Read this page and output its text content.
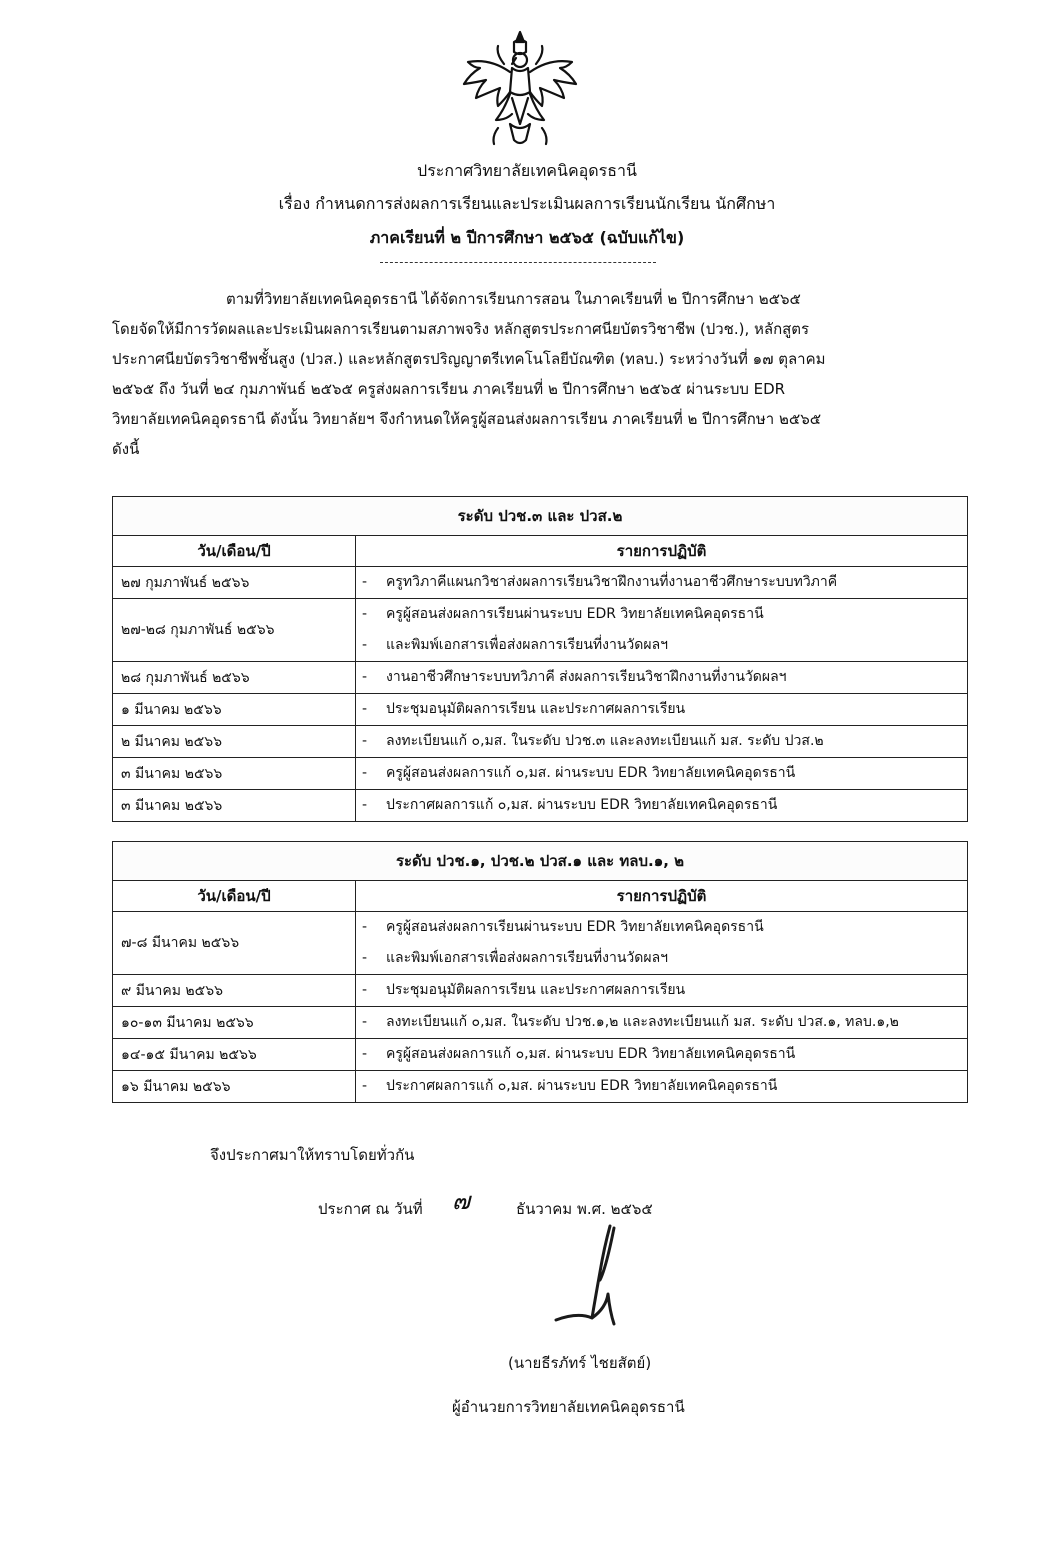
ประกาศวิทยาลัยเทคนิคอุดรธานี
เรื่อง กำหนดการส่งผลการเรียนและประเมินผลการเรียนนักเรียน นักศึกษา
ภาคเรียนที่ ๒ ปีการศึกษา ๒๕๖๕ (ฉบับแก้ไข)
ตามที่วิทยาลัยเทคนิคอุดรธานี ได้จัดการเรียนการสอน ในภาคเรียนที่ ๒ ปีการศึกษา ๒๕๖๕
โดยจัดให้มีการวัดผลและประเมินผลการเรียนตามสภาพจริง หลักสูตรประกาศนียบัตรวิชาชีพ (ปวช.), หลักสูตร
ประกาศนียบัตรวิชาชีพชั้นสูง (ปวส.) และหลักสูตรปริญญาตรีเทคโนโลยีบัณฑิต (ทลบ.) ระหว่างวันที่ ๑๗ ตุลาคม
๒๕๖๕ ถึง วันที่ ๒๔ กุมภาพันธ์ ๒๕๖๕ ครูส่งผลการเรียน ภาคเรียนที่ ๒ ปีการศึกษา ๒๕๖๕ ผ่านระบบ EDR
วิทยาลัยเทคนิคอุดรธานี ดังนั้น วิทยาลัยฯ จึงกำหนดให้ครูผู้สอนส่งผลการเรียน ภาคเรียนที่ ๒ ปีการศึกษา ๒๕๖๕
ดังนี้
ระดับ ปวช.๓ และ ปวส.๒	
วัน/เดือน/ปี	รายการปฏิบัติ
๒๗ กุมภาพันธ์ ๒๕๖๖	- ครูทวิภาคีแผนกวิชาส่งผลการเรียนวิชาฝึกงานที่งานอาชีวศึกษาระบบทวิภาคี

๒๗-๒๘ กุมภาพันธ์ ๒๕๖๖	- ครูผู้สอนส่งผลการเรียนผ่านระบบ EDR วิทยาลัยเทคนิคอุดรธานี
- และพิมพ์เอกสารเพื่อส่งผลการเรียนที่งานวัดผลฯ

๒๘ กุมภาพันธ์ ๒๕๖๖	- งานอาชีวศึกษาระบบทวิภาคี ส่งผลการเรียนวิชาฝึกงานที่งานวัดผลฯ

๑ มีนาคม ๒๕๖๖	- ประชุมอนุมัติผลการเรียน และประกาศผลการเรียน

๒ มีนาคม ๒๕๖๖	- ลงทะเบียนแก้ ๐,มส. ในระดับ ปวช.๓ และลงทะเบียนแก้ มส. ระดับ ปวส.๒

๓ มีนาคม ๒๕๖๖	- ครูผู้สอนส่งผลการแก้ ๐,มส. ผ่านระบบ EDR วิทยาลัยเทคนิคอุดรธานี

๓ มีนาคม ๒๕๖๖	- ประกาศผลการแก้ ๐,มส. ผ่านระบบ EDR วิทยาลัยเทคนิคอุดรธานี
ระดับ ปวช.๑, ปวช.๒ ปวส.๑ และ ทลบ.๑, ๒	
วัน/เดือน/ปี	รายการปฏิบัติ
๗-๘ มีนาคม ๒๕๖๖	- ครูผู้สอนส่งผลการเรียนผ่านระบบ EDR วิทยาลัยเทคนิคอุดรธานี
- และพิมพ์เอกสารเพื่อส่งผลการเรียนที่งานวัดผลฯ

๙ มีนาคม ๒๕๖๖	- ประชุมอนุมัติผลการเรียน และประกาศผลการเรียน

๑๐-๑๓ มีนาคม ๒๕๖๖	- ลงทะเบียนแก้ ๐,มส. ในระดับ ปวช.๑,๒ และลงทะเบียนแก้ มส. ระดับ ปวส.๑, ทลบ.๑,๒

๑๔-๑๕ มีนาคม ๒๕๖๖	- ครูผู้สอนส่งผลการแก้ ๐,มส. ผ่านระบบ EDR วิทยาลัยเทคนิคอุดรธานี

๑๖ มีนาคม ๒๕๖๖	- ประกาศผลการแก้ ๐,มส. ผ่านระบบ EDR วิทยาลัยเทคนิคอุดรธานี
จึงประกาศมาให้ทราบโดยทั่วกัน
ประกาศ ณ วันที่ ๗	ธันวาคม พ.ศ. ๒๕๖๕
(นายธีรภัทร์ ไชยสัตย์)
ผู้อำนวยการวิทยาลัยเทคนิคอุดรธานี
